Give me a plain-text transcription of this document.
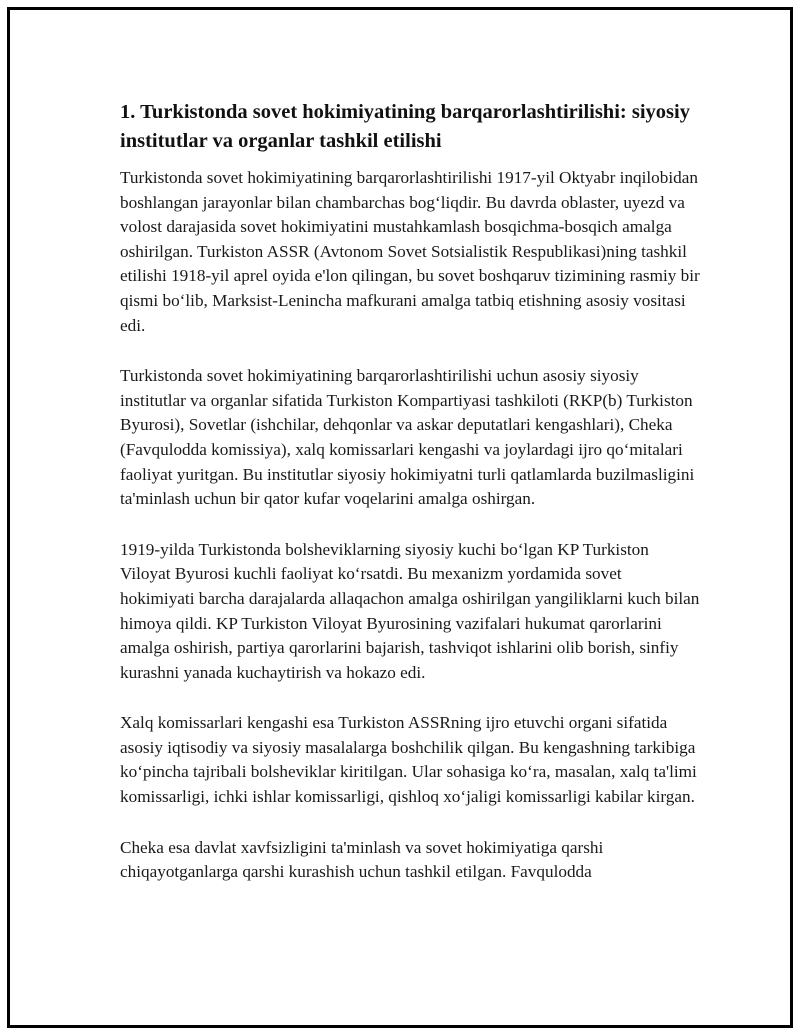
1. Turkistonda sovet hokimiyatining barqarorlashtirilishi: siyosiy institutlar va organlar tashkil etilishi

Turkistonda sovet hokimiyatining barqarorlashtirilishi 1917-yil Oktyabr inqilobidan boshlangan jarayonlar bilan chambarchas bog‘liqdir. Bu davrda oblaster, uyezd va volost darajasida sovet hokimiyatini mustahkamlash bosqichma-bosqich amalga oshirilgan. Turkiston ASSR (Avtonom Sovet Sotsialistik Respublikasi)ning tashkil etilishi 1918-yil aprel oyida e'lon qilingan, bu sovet boshqaruv tizimining rasmiy bir qismi bo‘lib, Marksist-Lenincha mafkurani amalga tatbiq etishning asosiy vositasi edi.

Turkistonda sovet hokimiyatining barqarorlashtirilishi uchun asosiy siyosiy institutlar va organlar sifatida Turkiston Kompartiyasi tashkiloti (RKP(b) Turkiston Byurosi), Sovetlar (ishchilar, dehqonlar va askar deputatlari kengashlari), Cheka (Favqulodda komissiya), xalq komissarlari kengashi va joylardagi ijro qo‘mitalari faoliyat yuritgan. Bu institutlar siyosiy hokimiyatni turli qatlamlarda buzilmasligini ta'minlash uchun bir qator kufar voqelarini amalga oshirgan.

1919-yilda Turkistonda bolsheviklarning siyosiy kuchi bo‘lgan KP Turkiston Viloyat Byurosi kuchli faoliyat ko‘rsatdi. Bu mexanizm yordamida sovet hokimiyati barcha darajalarda allaqachon amalga oshirilgan yangiliklarni kuch bilan himoya qildi. KP Turkiston Viloyat Byurosining vazifalari hukumat qarorlarini amalga oshirish, partiya qarorlarini bajarish, tashviqot ishlarini olib borish, sinfiy kurashni yanada kuchaytirish va hokazo edi.

Xalq komissarlari kengashi esa Turkiston ASSRning ijro etuvchi organi sifatida asosiy iqtisodiy va siyosiy masalalarga boshchilik qilgan. Bu kengashning tarkibiga ko‘pincha tajribali bolsheviklar kiritilgan. Ular sohasiga ko‘ra, masalan, xalq ta'limi komissarligi, ichki ishlar komissarligi, qishloq xo‘jaligi komissarligi kabilar kirgan.

Cheka esa davlat xavfsizligini ta'minlash va sovet hokimiyatiga qarshi chiqayotganlarga qarshi kurashish uchun tashkil etilgan. Favqulodda
